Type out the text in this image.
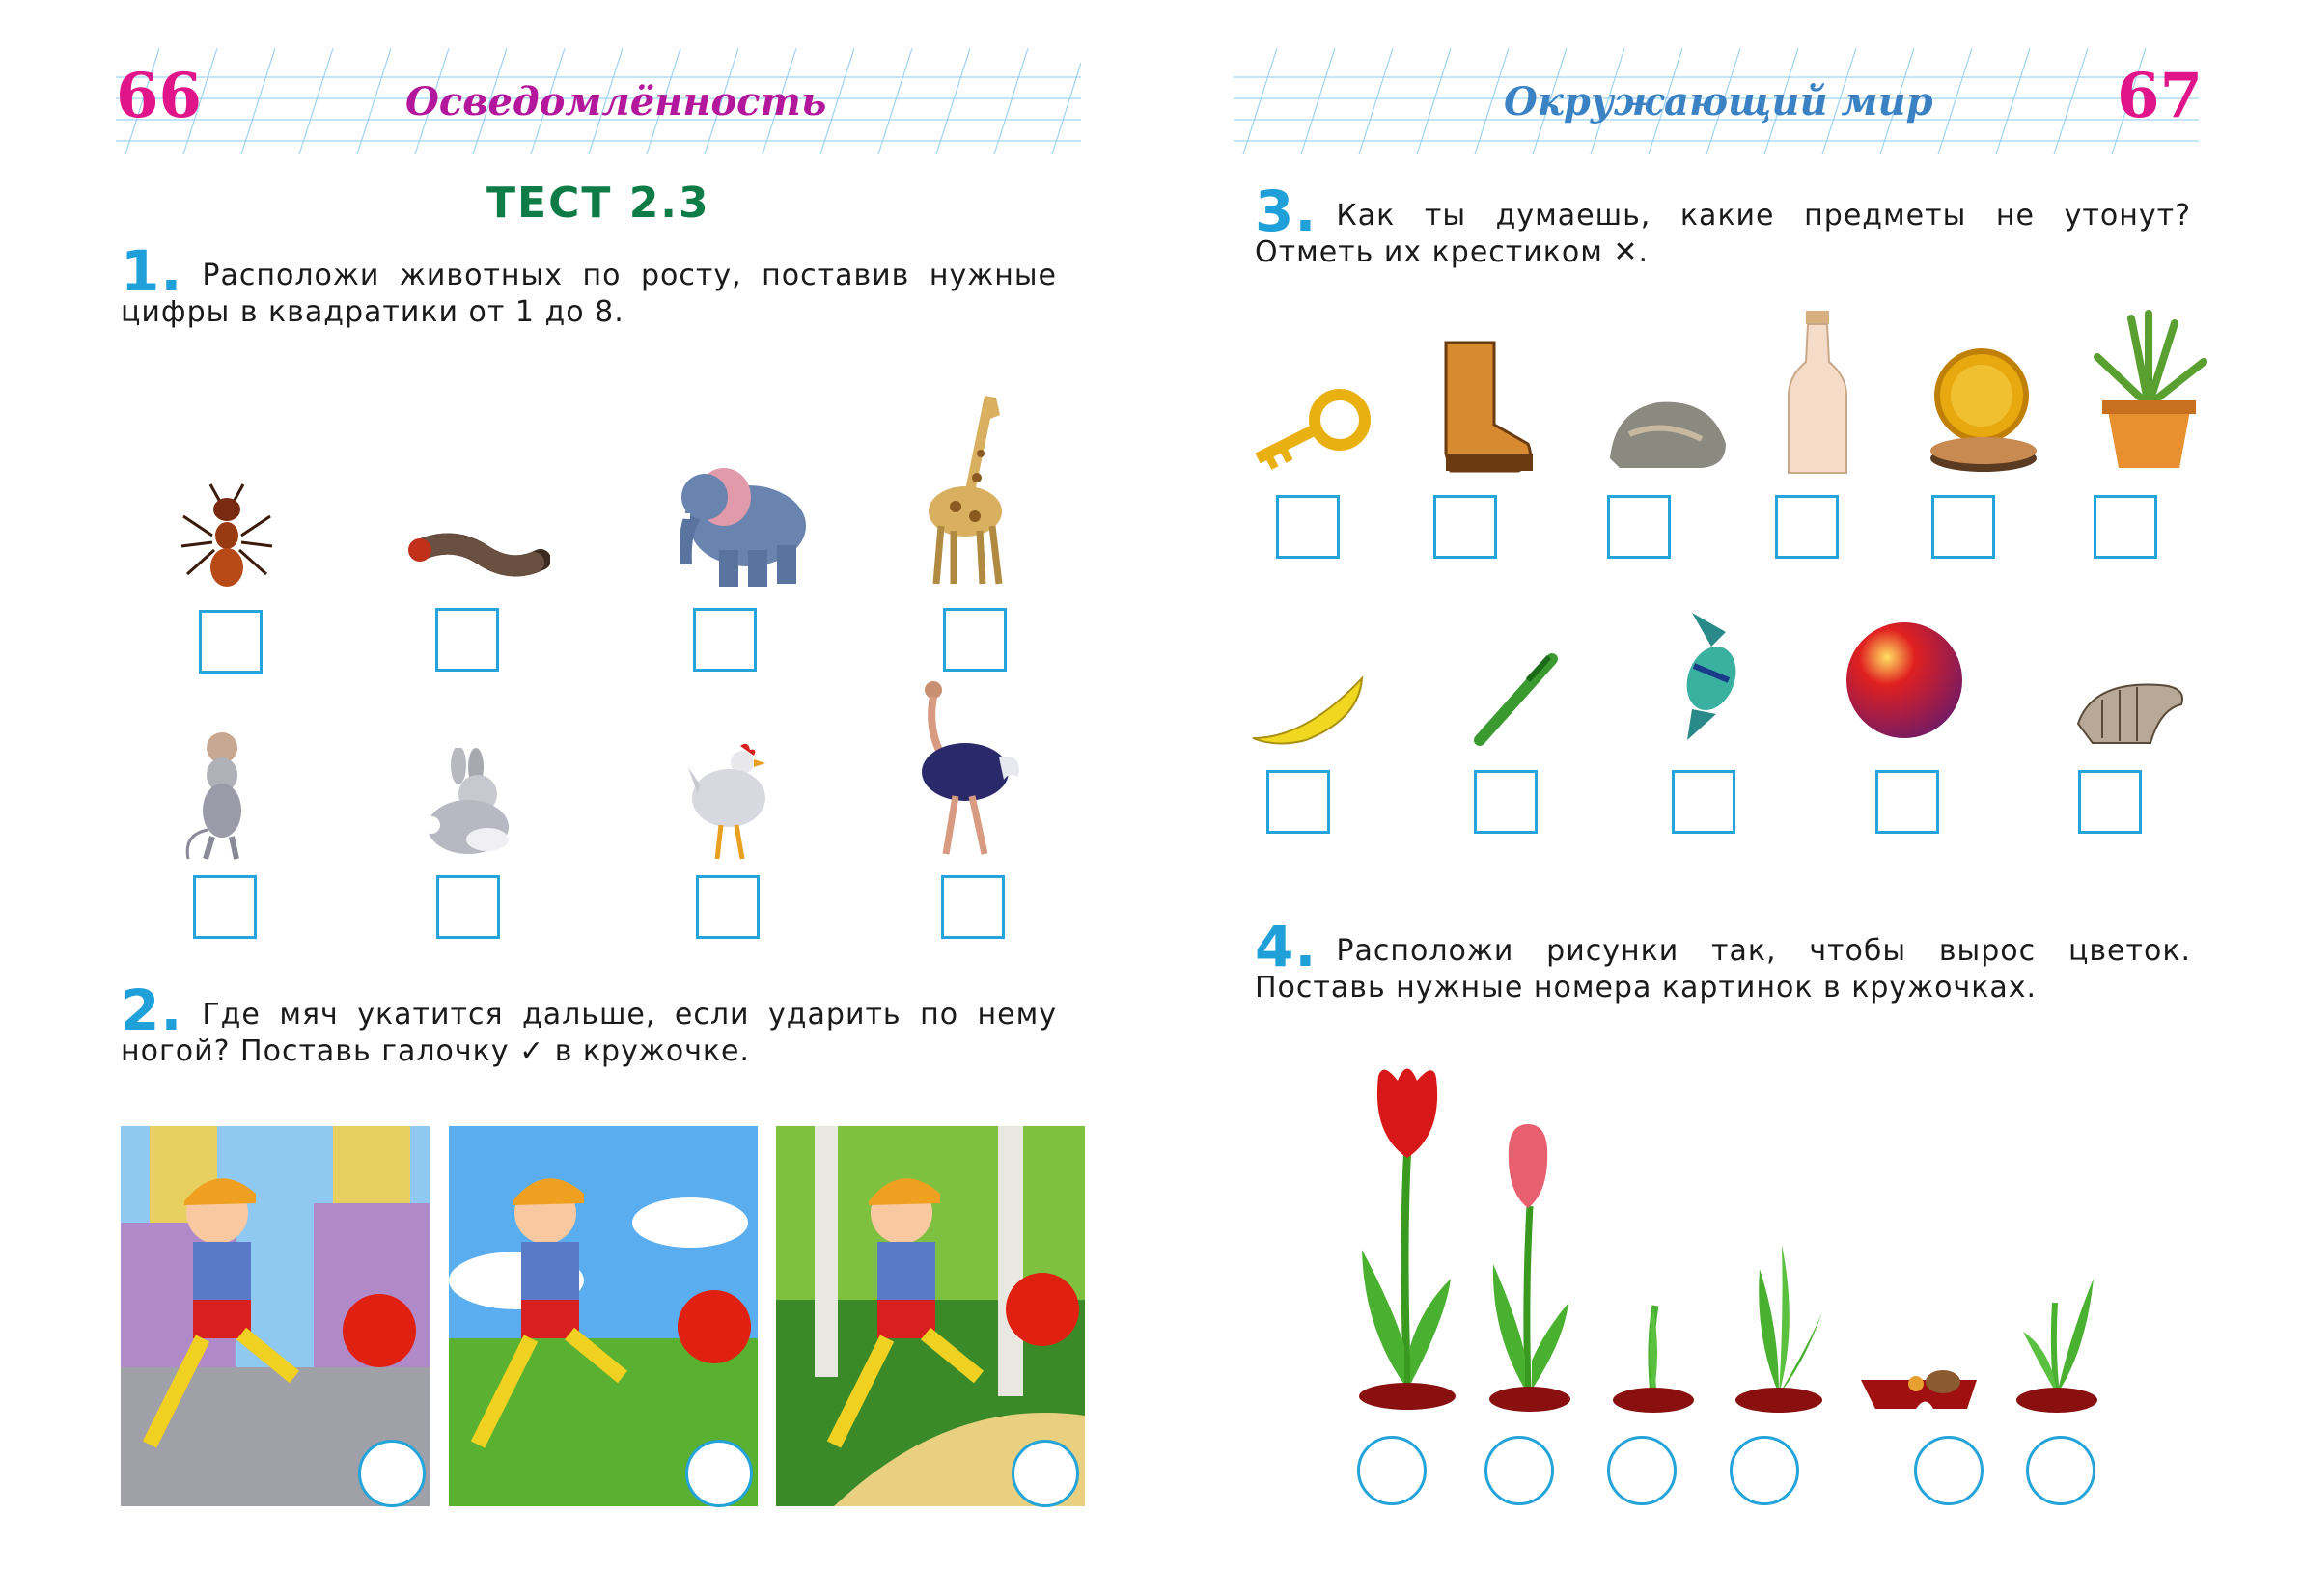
66	Осведомлённость
ТЕСТ 2.3
1. Расположи животных по росту, поставив нужные цифры в квадратики от 1 до 8.
2. Где мяч укатится дальше, если ударить по нему ногой? Поставь галочку ✓ в кружочке.
Окружающий мир	67
3. Как ты думаешь, какие предметы не утонут? Отметь их крестиком ✕.
4. Расположи рисунки так, чтобы вырос цветок. Поставь нужные номера картинок в кружочках.
